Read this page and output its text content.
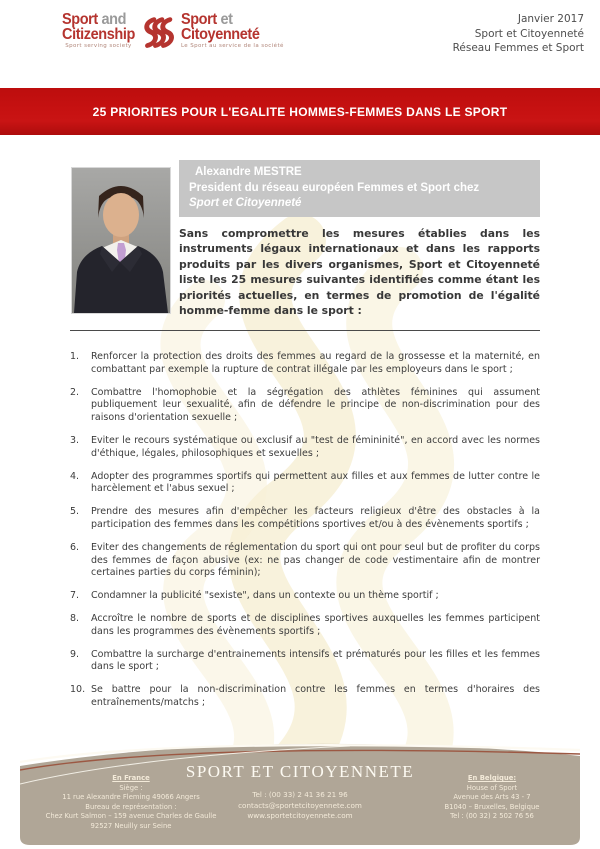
Sport and
Citizenship
Sport serving society
Sport et
Citoyenneté
Le Sport au service de la société
Janvier 2017
Sport et Citoyenneté
Réseau Femmes et Sport
25 PRIORITES POUR L'EGALITE HOMMES-FEMMES DANS LE SPORT
Alexandre MESTRE
President du réseau européen Femmes et Sport chez
Sport et Citoyenneté
Sans compromettre les mesures établies dans les instruments légaux internationaux et dans les rapports produits par les divers organismes, Sport et Citoyenneté liste les 25 mesures suivantes identifiées comme étant les priorités actuelles, en termes de promotion de l'égalité homme-femme dans le sport :
1.	Renforcer la protection des droits des femmes au regard de la grossesse et la maternité, en combattant par exemple la rupture de contrat illégale par les employeurs dans le sport ;
2.	Combattre l'homophobie et la ségrégation des athlètes féminines qui assument publiquement leur sexualité, afin de défendre le principe de non-discrimination pour des raisons d'orientation sexuelle ;
3.	Eviter le recours systématique ou exclusif au "test de fémininité", en accord avec les normes d'éthique, légales, philosophiques et sexuelles ;
4.	Adopter des programmes sportifs qui permettent aux filles et aux femmes de lutter contre le harcèlement et l'abus sexuel ;
5.	Prendre des mesures afin d'empêcher les facteurs religieux d'être des obstacles à la participation des femmes dans les compétitions sportives et/ou à des évènements sportifs ;
6.	Eviter des changements de réglementation du sport qui ont pour seul but de profiter du corps des femmes de façon abusive (ex: ne pas changer de code vestimentaire afin de montrer certaines parties du corps féminin);
7.	Condamner la publicité "sexiste", dans un contexte ou un thème sportif ;
8.	Accroître le nombre de sports et de disciplines sportives auxquelles les femmes participent dans les programmes des évènements sportifs ;
9.	Combattre la surcharge d'entrainements intensifs et prématurés pour les filles et les femmes dans le sport ;
10. Se battre pour la non-discrimination contre les femmes en termes d'horaires des entraînements/matchs ;
SPORT ET CITOYENNETE
En France
Siège :
11 rue Alexandre Fleming 49066 Angers
Bureau de représentation :
Chez Kurt Salmon – 159 avenue Charles de Gaulle
92527 Neuilly sur Seine
Tel : (00 33) 2 41 36 21 96
contacts@sportetcitoyennete.com
www.sportetcitoyennete.com
En Belgique:
House of Sport
Avenue des Arts 43 - 7
B1040 – Bruxelles, Belgique
Tel : (00 32) 2 502 76 56
